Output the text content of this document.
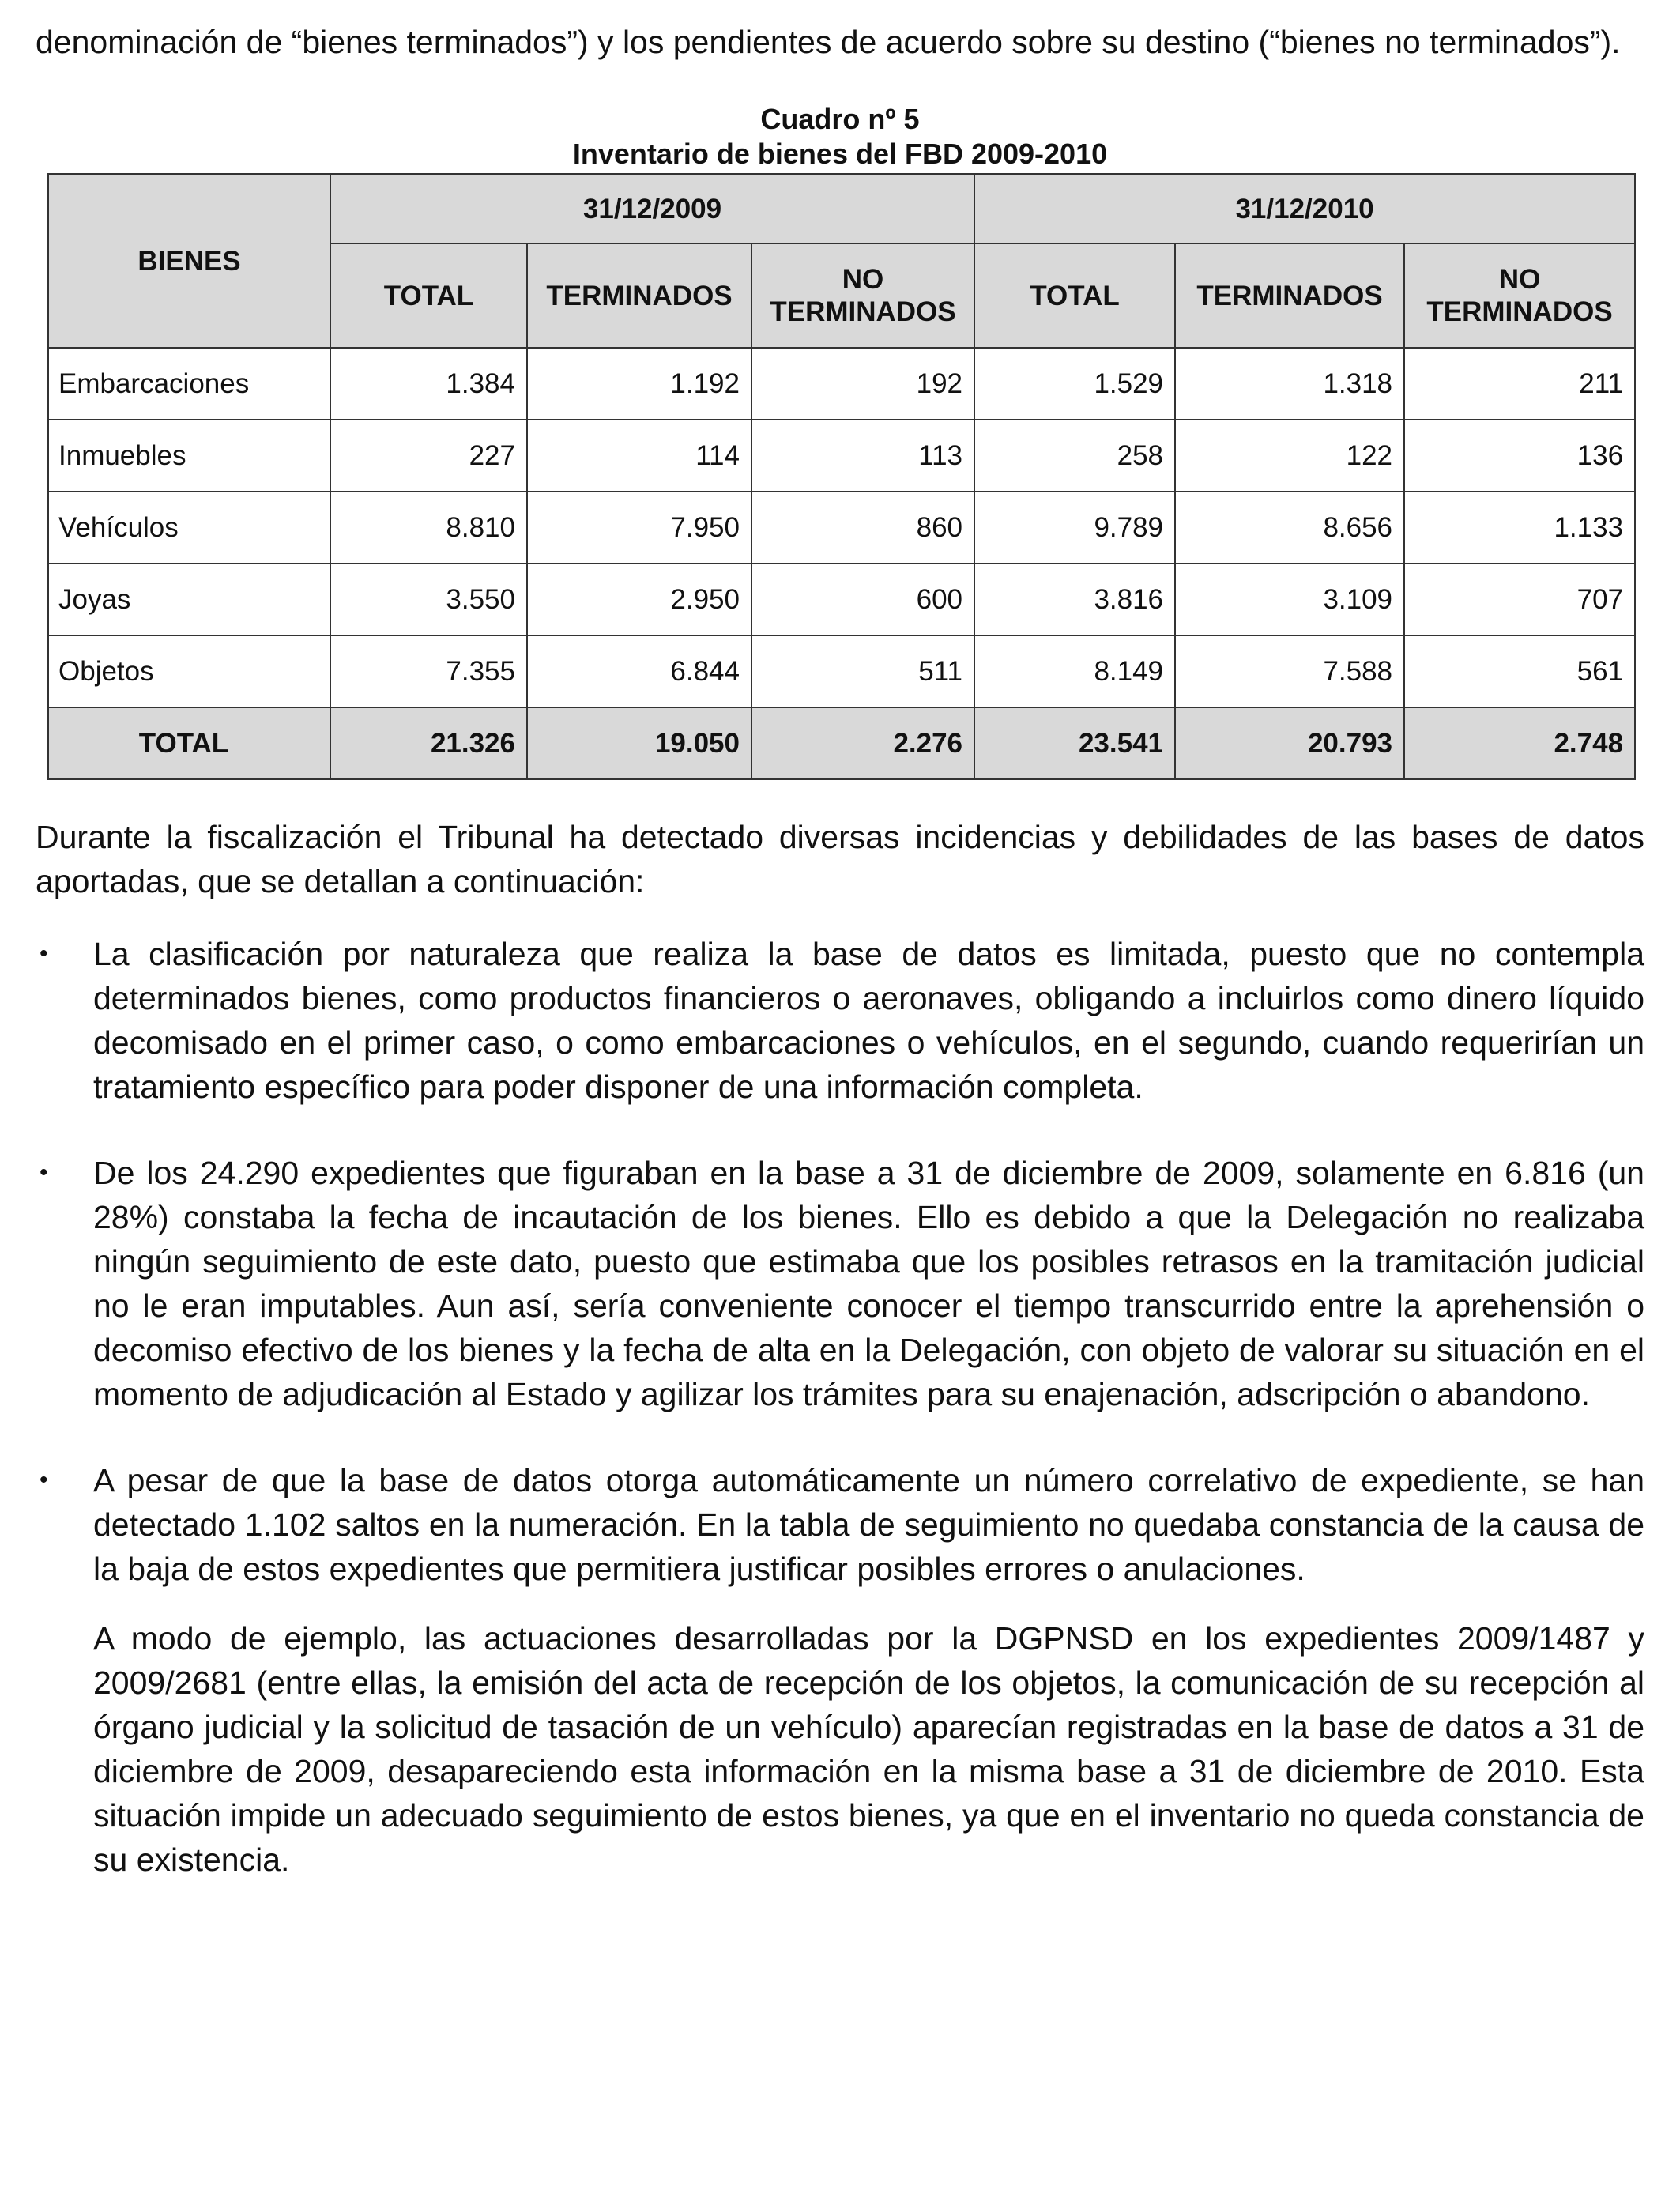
denominación de “bienes terminados”) y los pendientes de acuerdo sobre su destino (“bienes no terminados”).

Cuadro nº 5

Inventario de bienes del FBD 2009-2010

BIENES	31/12/2009			31/12/2010		
	TOTAL	TERMINADOS	NO TERMINADOS	TOTAL	TERMINADOS	NO TERMINADOS
Embarcaciones	1.384	1.192	192	1.529	1.318	211
Inmuebles	227	114	113	258	122	136
Vehículos	8.810	7.950	860	9.789	8.656	1.133
Joyas	3.550	2.950	600	3.816	3.109	707
Objetos	7.355	6.844	511	8.149	7.588	561
TOTAL	21.326	19.050	2.276	23.541	20.793	2.748

Durante la fiscalización el Tribunal ha detectado diversas incidencias y debilidades de las bases de datos aportadas, que se detallan a continuación:

• La clasificación por naturaleza que realiza la base de datos es limitada, puesto que no contempla determinados bienes, como productos financieros o aeronaves, obligando a incluirlos como dinero líquido decomisado en el primer caso, o como embarcaciones o vehículos, en el segundo, cuando requerirían un tratamiento específico para poder disponer de una información completa.
• De los 24.290 expedientes que figuraban en la base a 31 de diciembre de 2009, solamente en 6.816 (un 28%) constaba la fecha de incautación de los bienes. Ello es debido a que la Delegación no realizaba ningún seguimiento de este dato, puesto que estimaba que los posibles retrasos en la tramitación judicial no le eran imputables. Aun así, sería conveniente conocer el tiempo transcurrido entre la aprehensión o decomiso efectivo de los bienes y la fecha de alta en la Delegación, con objeto de valorar su situación en el momento de adjudicación al Estado y agilizar los trámites para su enajenación, adscripción o abandono.
• A pesar de que la base de datos otorga automáticamente un número correlativo de expediente, se han detectado 1.102 saltos en la numeración. En la tabla de seguimiento no quedaba constancia de la causa de la baja de estos expedientes que permitiera justificar posibles errores o anulaciones.

A modo de ejemplo, las actuaciones desarrolladas por la DGPNSD en los expedientes 2009/1487 y 2009/2681 (entre ellas, la emisión del acta de recepción de los objetos, la comunicación de su recepción al órgano judicial y la solicitud de tasación de un vehículo) aparecían registradas en la base de datos a 31 de diciembre de 2009, desapareciendo esta información en la misma base a 31 de diciembre de 2010. Esta situación impide un adecuado seguimiento de estos bienes, ya que en el inventario no queda constancia de su existencia.
